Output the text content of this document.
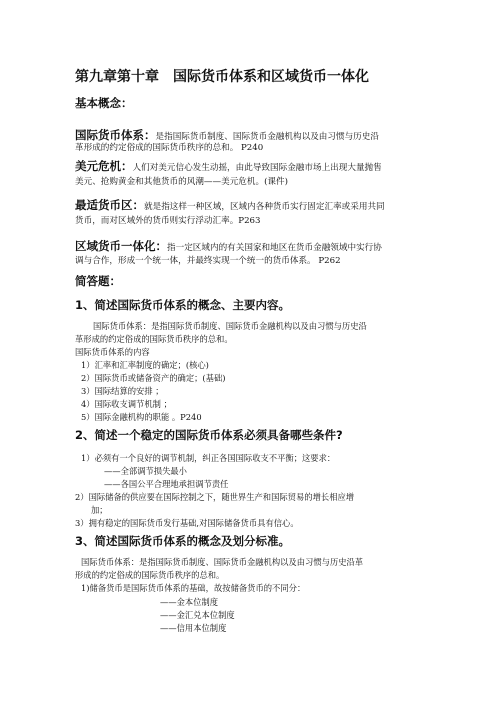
第九章第十章　国际货币体系和区域货币一体化
基本概念：
国际货币体系：是指国际货币制度、国际货币金融机构以及由习惯与历史沿
革形成的约定俗成的国际货币秩序的总和。 P240
美元危机：人们对美元信心发生动摇，由此导致国际金融市场上出现大量抛售
美元、抢购黄金和其他货币的风潮——美元危机。(课件)
最适货币区：就是指这样一种区域，区域内各种货币实行固定汇率或采用共同
货币，而对区域外的货币则实行浮动汇率。P263
区域货币一体化：指一定区域内的有关国家和地区在货币金融领域中实行协
调与合作，形成一个统一体，并最终实现一个统一的货币体系。 P262
简答题：
1、简述国际货币体系的概念、主要内容。
国际货币体系：是指国际货币制度、国际货币金融机构以及由习惯与历史沿
革形成的约定俗成的国际货币秩序的总和。
国际货币体系的内容
1）汇率和汇率制度的确定；(核心)
2）国际货币或储备资产的确定；(基础)
3）国际结算的安排 ；
4）国际收支调节机制 ；
5）国际金融机构的职能 。P240
2、简述一个稳定的国际货币体系必须具备哪些条件?
1）必须有一个良好的调节机制，纠正各国国际收支不平衡；这要求：
——全部调节损失最小
——各国公平合理地承担调节责任
2）国际储备的供应要在国际控制之下，随世界生产和国际贸易的增长相应增
加；
3）拥有稳定的国际货币发行基础,对国际储备货币具有信心。
3、简述国际货币体系的概念及划分标准。
国际货币体系：是指国际货币制度、国际货币金融机构以及由习惯与历史沿革
形成的约定俗成的国际货币秩序的总和。
1)储备货币是国际货币体系的基础，故按储备货币的不同分：
——金本位制度
——金汇兑本位制度
——信用本位制度
